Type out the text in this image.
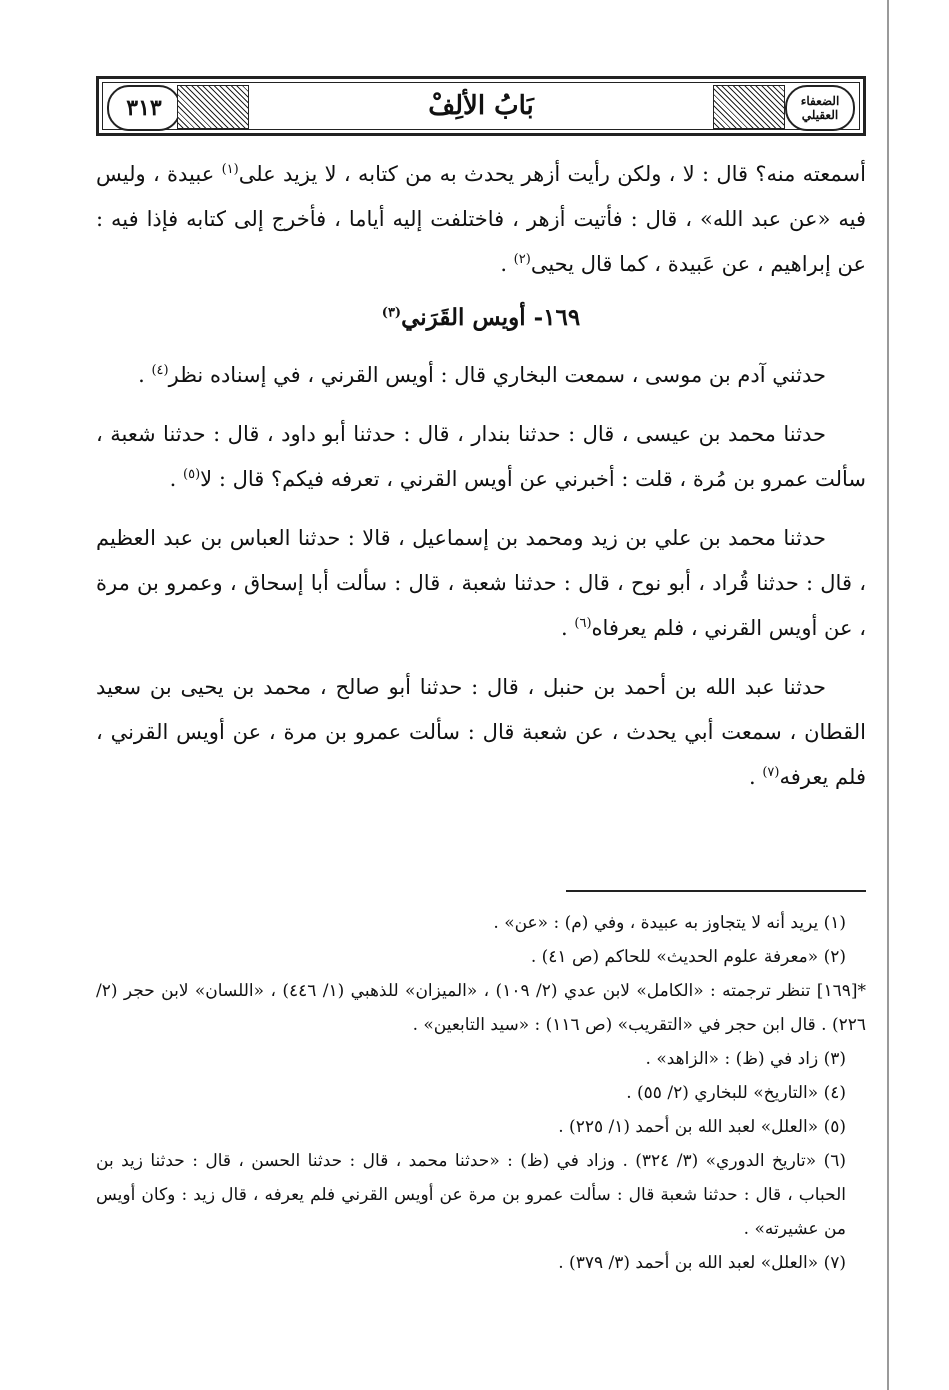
٣١٣	بَابُ الألِفْ	الضعفاء العقيلي

أسمعته منه؟ قال : لا ، ولكن رأيت أزهر يحدث به من كتابه ، لا يزيد على$^{(١)}$ عبيدة ، وليس فيه «عن عبد الله» ، قال : فأتيت أزهر ، فاختلفت إليه أياما ، فأخرج إلى كتابه فإذا فيه : عن إبراهيم ، عن عَبيدة ، كما قال يحيى$^{(٢)}$ .

١٦٩- أويس القَرَني$^{(٣)}$

حدثني آدم بن موسى ، سمعت البخاري قال : أويس القرني ، في إسناده نظر$^{(٤)}$ .

حدثنا محمد بن عيسى ، قال : حدثنا بندار ، قال : حدثنا أبو داود ، قال : حدثنا شعبة ، سألت عمرو بن مُرة ، قلت : أخبرني عن أويس القرني ، تعرفه فيكم؟ قال : لا$^{(٥)}$ .

حدثنا محمد بن علي بن زيد ومحمد بن إسماعيل ، قالا : حدثنا العباس بن عبد العظيم ، قال : حدثنا قُراد ، أبو نوح ، قال : حدثنا شعبة ، قال : سألت أبا إسحاق ، وعمرو بن مرة ، عن أويس القرني ، فلم يعرفاه$^{(٦)}$ .

حدثنا عبد الله بن أحمد بن حنبل ، قال : حدثنا أبو صالح ، محمد بن يحيى بن سعيد القطان ، سمعت أبي يحدث ، عن شعبة قال : سألت عمرو بن مرة ، عن أويس القرني ، فلم يعرفه$^{(٧)}$ .

(١) يريد أنه لا يتجاوز به عبيدة ، وفي (م) : «عن» .

(٢) «معرفة علوم الحديث» للحاكم (ص ٤١) .

*[١٦٩] تنظر ترجمته : «الكامل» لابن عدي (٢/ ١٠٩) ، «الميزان» للذهبي (١/ ٤٤٦) ، «اللسان» لابن حجر (٢/ ٢٢٦) . قال ابن حجر في «التقريب» (ص ١١٦) : «سيد التابعين» .

(٣) زاد في (ظ) : «الزاهد» .

(٤) «التاريخ» للبخاري (٢/ ٥٥) .

(٥) «العلل» لعبد الله بن أحمد (١/ ٢٢٥) .

(٦) «تاريخ الدوري» (٣/ ٣٢٤) . وزاد في (ظ) : «حدثنا محمد ، قال : حدثنا الحسن ، قال : حدثنا زيد بن الحباب ، قال : حدثنا شعبة قال : سألت عمرو بن مرة عن أويس القرني فلم يعرفه ، قال زيد : وكان أويس من عشيرته» .

(٧) «العلل» لعبد الله بن أحمد (٣/ ٣٧٩) .
